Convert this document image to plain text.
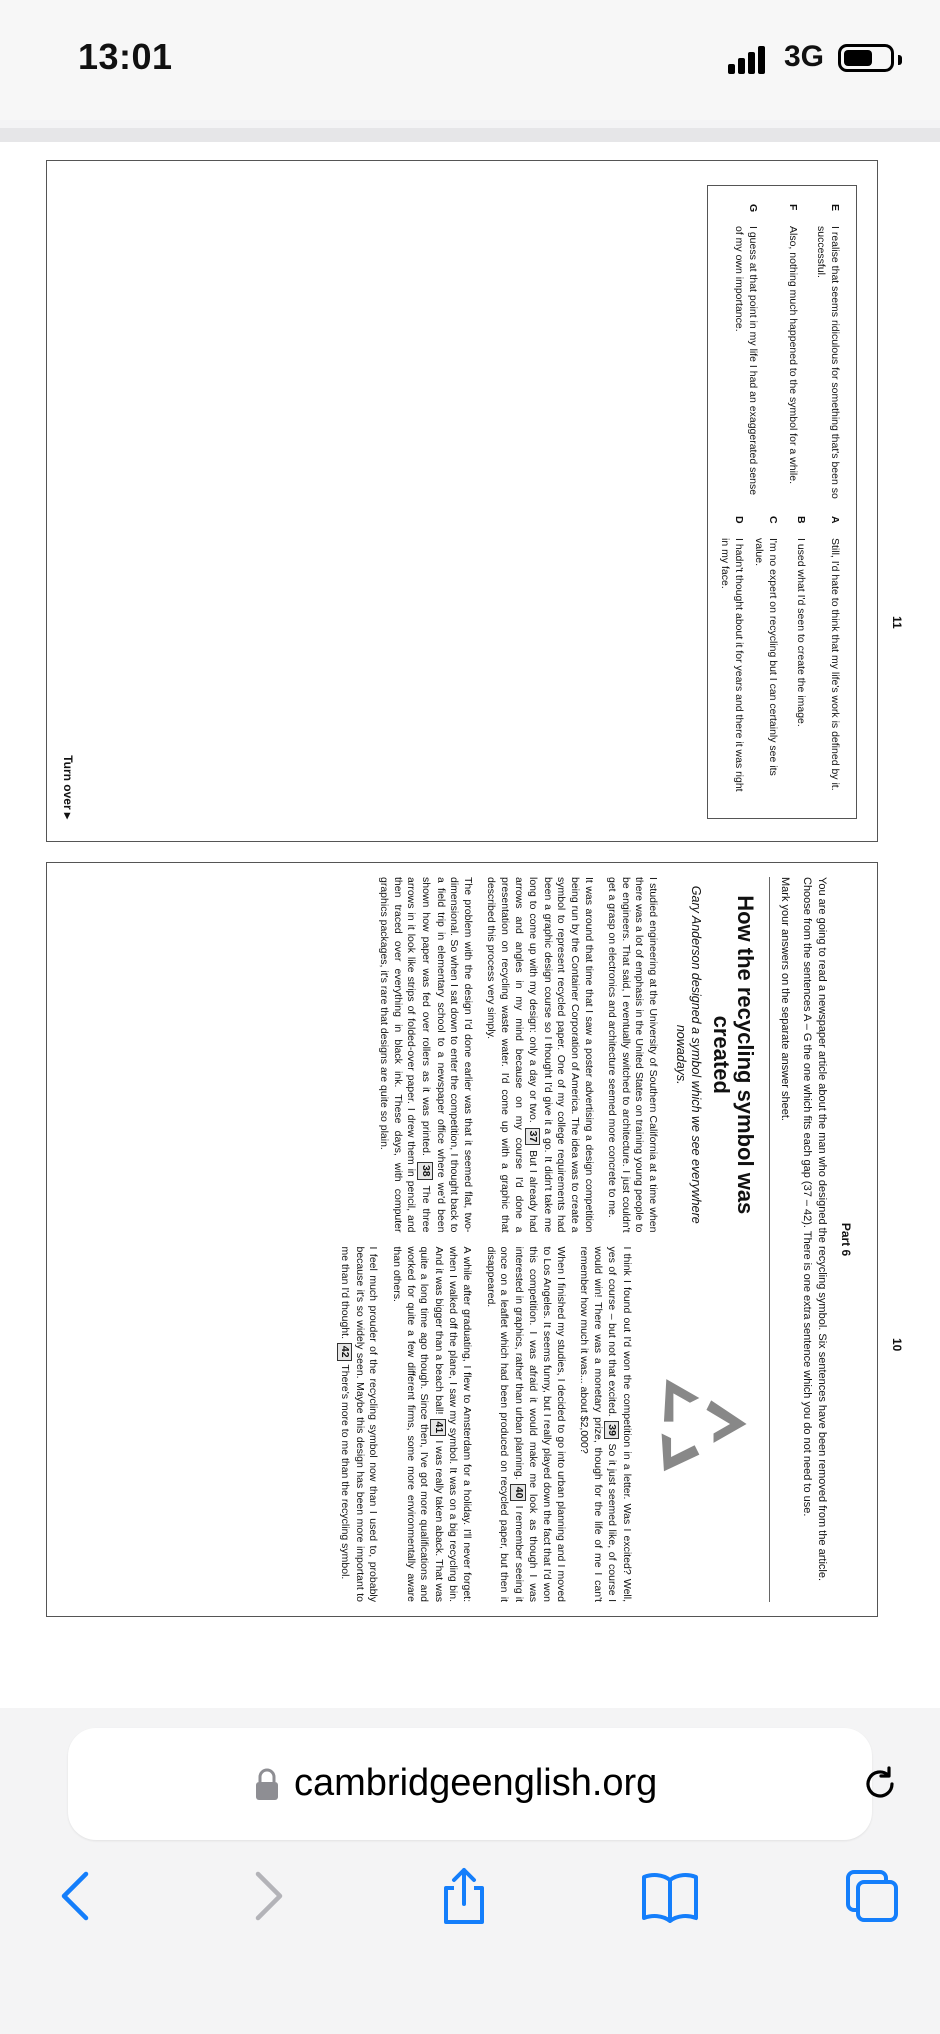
13:01	3G
10
11
Part 6
You are going to read a newspaper article about the man who designed the recycling symbol. Six sentences have been removed from the article. Choose from the sentences A – G the one which fits each gap (37 – 42). There is one extra sentence which you do not need to use.
Mark your answers on the separate answer sheet.
How the recycling symbol was created
Gary Anderson designed a symbol which we see everywhere nowadays.

I studied engineering at the University of Southern California at a time when there was a lot of emphasis in the United States on training young people to be engineers. That said, I eventually switched to architecture. I just couldn't get a grasp on electronics and architecture seemed more concrete to me.

It was around that time that I saw a poster advertising a design competition being run by the Container Corporation of America. The idea was to create a symbol to represent recycled paper. One of my college requirements had been a graphic design course so I thought I'd give it a go. It didn't take me long to come up with my design: only a day or two. 37 But I already had arrows and angles in my mind because on my course I'd done a presentation on recycling waste water. I'd come up with a graphic that described this process very simply.

The problem with the design I'd done earlier was that it seemed flat, two-dimensional. So when I sat down to enter the competition, I thought back to a field trip in elementary school to a newspaper office where we'd been shown how paper was fed over rollers as it was printed. 38 The three arrows in it look like strips of folded-over paper. I drew them in pencil, and then traced over everything in black ink. These days, with computer graphics packages, it's rare that designs are quite so plain.

I think I found out I'd won the competition in a letter. Was I excited? Well, yes of course – but not that excited. 39 So it just seemed like, of course I would win! There was a monetary prize, though for the life of me I can't remember how much it was... about $2,000?

When I finished my studies, I decided to go into urban planning and I moved to Los Angeles. It seems funny, but I really played down the fact that I'd won this competition. I was afraid it would make me look as though I was interested in graphics, rather than urban planning. 40 I remember seeing it once on a leaflet which had been produced on recycled paper, but then it disappeared.

A while after graduating, I flew to Amsterdam for a holiday. I'll never forget: when I walked off the plane, I saw my symbol. It was on a big recycling bin. And it was bigger than a beach ball! 41 I was really taken aback. That was quite a long time ago though. Since then, I've got more qualifications and worked for quite a few different firms, some more environmentally aware than others.

I feel much prouder of the recycling symbol now than I used to, probably because it's so widely seen. Maybe this design has been more important to me than I'd thought. 42 There's more to me than the recycling symbol.

A
Still, I'd hate to think that my life's work is defined by it.
B
I used what I'd seen to create the image.
C
I'm no expert on recycling but I can certainly see its value.
D
I hadn't thought about it for years and there it was right in my face.
E
I realise that seems ridiculous for something that's been so successful.
F
Also, nothing much happened to the symbol for a while.
G
I guess at that point in my life I had an exaggerated sense of my own importance.
Turn over ▸
cambridgeenglish.org
